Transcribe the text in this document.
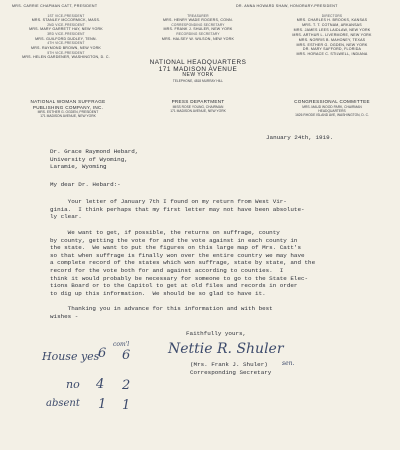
MRS. CARRIE CHAPMAN CATT, PRESIDENT	DR. ANNA HOWARD SHAW, HONORARY-PRESIDENT
1ST VICE-PRESIDENT
MRS. STANLEY MCCORMICK, MASS.
2ND VICE-PRESIDENT
MRS. MARY GARRETT HAY, NEW YORK
3RD VICE-PRESIDENT
MRS. GUILFORD DUDLEY, TENN.
4TH VICE-PRESIDENT
MRS. RAYMOND BROWN, NEW YORK
5TH VICE-PRESIDENT
MRS. HELEN GARDENER, WASHINGTON, D. C.
TREASURER
MRS. HENRY WADE ROGERS, CONN.
CORRESPONDING SECRETARY
MRS. FRANK J. SHULER, NEW YORK
RECORDING SECRETARY
MRS. HALSEY W. WILSON, NEW YORK
NATIONAL HEADQUARTERS
171 MADISON AVENUE
NEW YORK
TELEPHONE, 4818 MURRAY HILL
DIRECTORS
MRS. CHARLES H. BROOKS, KANSAS
MRS. T. T. COTNAM, ARKANSAS
MRS. JAMES LEES LAIDLAW, NEW YORK
MRS. ARTHUR L. LIVERMORE, NEW YORK
MRS. NORRIS B. MAHONEY, TEXAS
MRS. ESTHER G. OGDEN, NEW YORK
DR. MARY SAFFORD, FLORIDA
MRS. HORACE C. STILWELL, INDIANA
NATIONAL WOMAN SUFFRAGE
PUBLISHING COMPANY, INC.
MRS. ESTHER G. OGDEN, PRESIDENT
171 MADISON AVENUE, NEW YORK
PRESS DEPARTMENT
MISS ROSE YOUNG, CHAIRMAN
171 MADISON AVENUE, NEW YORK
CONGRESSIONAL COMMITTEE
MRS. MAUD WOOD PARK, CHAIRMAN
HEADQUARTERS
1626 RHODE ISLAND AVE, WASHINGTON, D. C.
January 24th, 1919.
Dr. Grace Raymond Hebard,
University of Wyoming,
Laramie, Wyoming
My dear Dr. Hebard:-
Your letter of January 7th I found on my return from West Vir-
ginia.  I think perhaps that my first letter may not have been absolute-
ly clear.
We want to get, if possible, the returns on suffrage, county
by county, getting the vote for and the vote against in each county in
the state.  We want to put the figures on this large map of Mrs. Catt's
so that when suffrage is finally won over the entire country we may have
a complete record of the states which won suffrage, state by state, and the
record for the vote both for and against according to counties.  I
think it would probably be necessary for someone to go to the State Elec-
tions Board or to the Capitol to get at old files and records in order
to dig up this information.  We should be so glad to have it.
Thanking you in advance for this information and with best
wishes -
Faithfully yours,
Nettie R. Shuler
(Mrs. Frank J. Shuler)
Corresponding Secretary
House yes
6
com'l
6
no 4 2
absent 1 1
sen.
